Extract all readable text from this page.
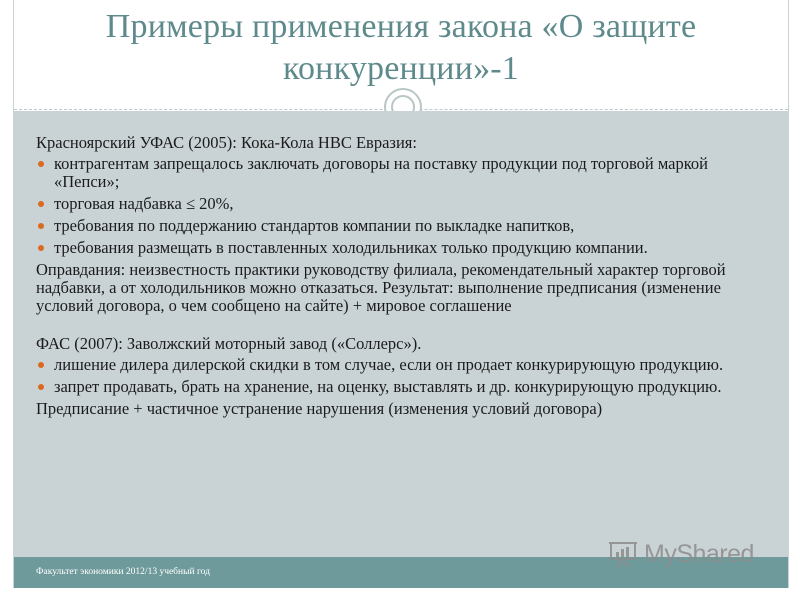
Примеры применения закона «О защите конкуренции»-1

Красноярский УФАС (2005): Кока-Кола НВС Евразия:

контрагентам запрещалось заключать договоры на поставку продукции под торговой маркой «Пепси»;
торговая надбавка ≤ 20%,
требования по поддержанию стандартов компании по выкладке напитков,
требования размещать в поставленных холодильниках только продукцию компании.

Оправдания: неизвестность практики руководству филиала, рекомендательный характер торговой надбавки, а от холодильников можно отказаться. Результат: выполнение предписания (изменение условий договора, о чем сообщено на сайте) + мировое соглашение

ФАС (2007): Заволжский моторный завод («Соллерс»).

лишение дилера дилерской скидки в том случае, если он продает конкурирующую продукцию.
запрет продавать, брать на хранение, на оценку, выставлять и др. конкурирующую продукцию.

Предписание + частичное устранение нарушения (изменения условий договора)

Факультет экономики 2012/13 учебный год
MyShared
